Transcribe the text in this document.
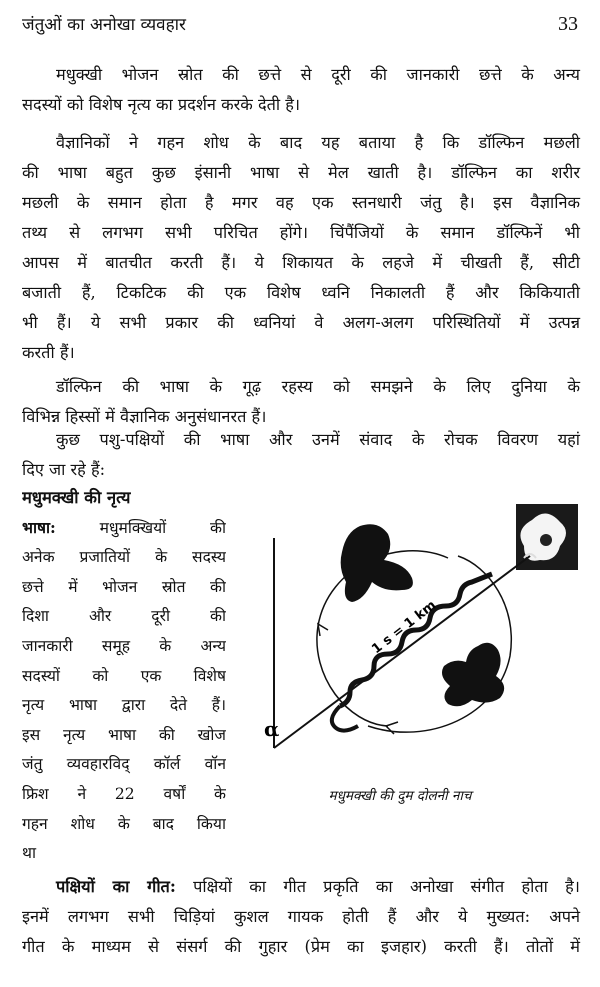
जंतुओं का अनोखा व्यवहार	33
मधुक्खी भोजन स्रोत की छत्ते से दूरी की जानकारी छत्ते के अन्य
सदस्यों को विशेष नृत्य का प्रदर्शन करके देती है।
वैज्ञानिकों ने गहन शोध के बाद यह बताया है कि डॉल्फिन मछली
की भाषा बहुत कुछ इंसानी भाषा से मेल खाती है। डॉल्फिन का शरीर
मछली के समान होता है मगर वह एक स्तनधारी जंतु है। इस वैज्ञानिक
तथ्य से लगभग सभी परिचित होंगे। चिंपैंजियों के समान डॉल्फिनें भी
आपस में बातचीत करती हैं। ये शिकायत के लहजे में चीखती हैं, सीटी
बजाती हैं, टिकटिक की एक विशेष ध्वनि निकालती हैं और किकियाती
भी हैं। ये सभी प्रकार की ध्वनियां वे अलग-अलग परिस्थितियों में उत्पन्न
करती हैं।
डॉल्फिन की भाषा के गूढ़ रहस्य को समझने के लिए दुनिया के
विभिन्न हिस्सों में वैज्ञानिक अनुसंधानरत हैं।
कुछ पशु-पक्षियों की भाषा और उनमें संवाद के रोचक विवरण यहां
दिए जा रहे हैं:
मधुमक्खी की नृत्य
भाषा:	मधुमक्खियों की
अनेक प्रजातियों के सदस्य
छत्ते में भोजन स्रोत की
दिशा और दूरी की
जानकारी समूह के अन्य
सदस्यों को एक विशेष
नृत्य भाषा द्वारा देते हैं।
इस नृत्य भाषा की खोज
जंतु व्यवहारविद् कॉर्ल वॉन
फ्रिश ने 22 वर्षों के
गहन शोध के बाद किया
था
α
1 s = 1 km
मधुमक्खी की दुम दोलनी नाच
पक्षियों का गीत: पक्षियों का गीत प्रकृति का अनोखा संगीत होता है।
इनमें लगभग सभी चिड़ियां कुशल गायक होती हैं और ये मुख्यत: अपने
गीत के माध्यम से संसर्ग की गुहार (प्रेम का इजहार) करती हैं। तोतों में
